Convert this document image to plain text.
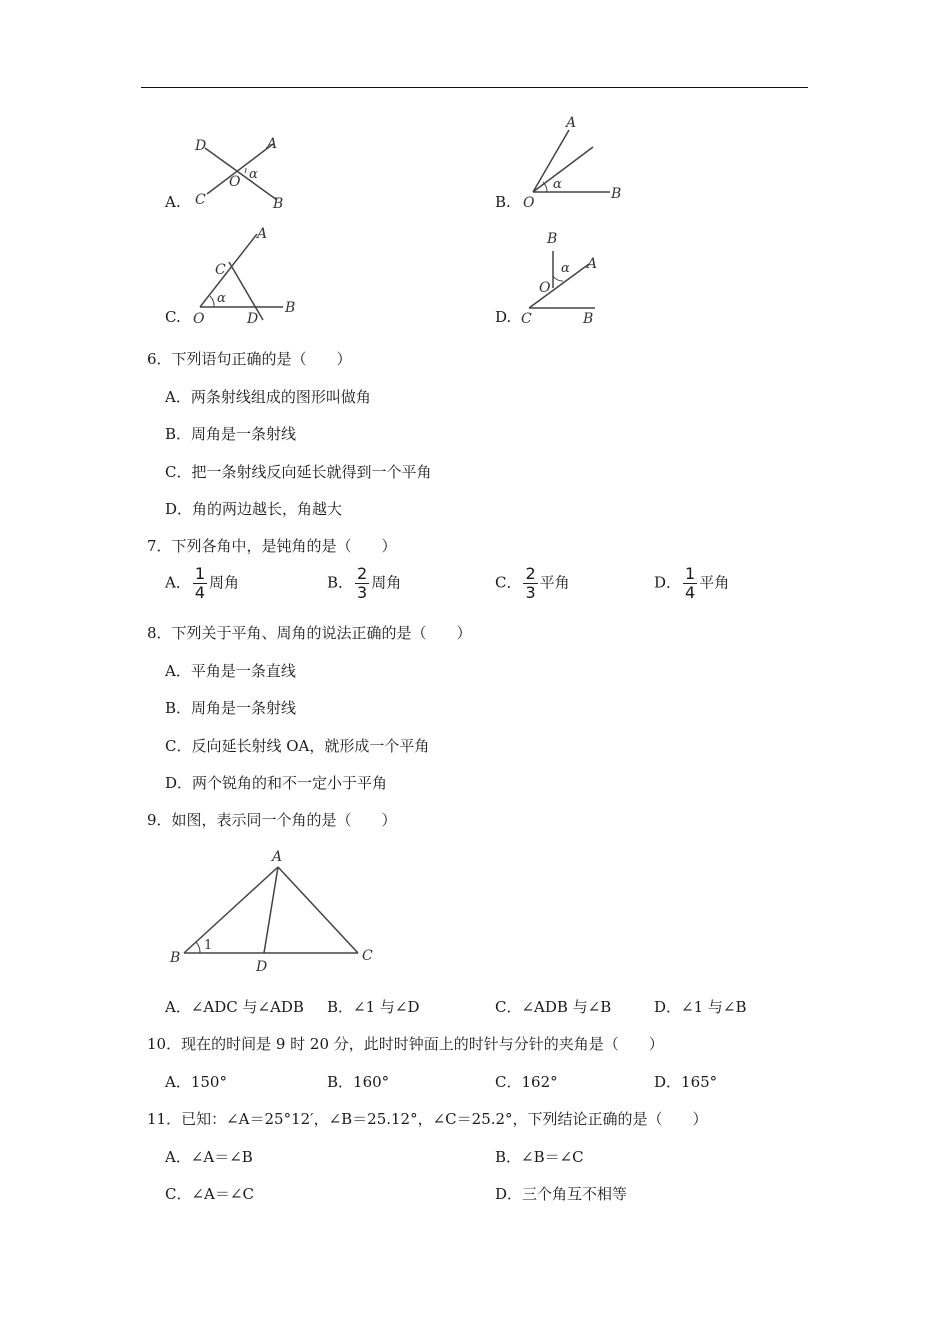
A.
D	A
O α
C	B	B.
A
α
O
B
C.
A
C
α
O	D
B	D.
B
α A
O
C	B
6．下列语句正确的是（　　）
A．两条射线组成的图形叫做角
B．周角是一条射线
C．把一条射线反向延长就得到一个平角
D．角的两边越长，角越大
7．下列各角中，是钝角的是（　　）
A． $\frac{1}{4}$ 周角	B． $\frac{2}{3}$ 周角	C． $\frac{2}{3}$ 平角	D． $\frac{1}{4}$ 平角
8．下列关于平角、周角的说法正确的是（　　）
A．平角是一条直线
B．周角是一条射线
C．反向延长射线 OA，就形成一个平角
D．两个锐角的和不一定小于平角
9．如图，表示同一个角的是（　　）
A
1
B
D
C
A．∠ADC 与∠ADB B．∠1 与∠D	C．∠ADB 与∠B	D．∠1 与∠B
10．现在的时间是 9 时 20 分，此时时钟面上的时针与分针的夹角是（　　）
A．150°	B．160°	C．162°	D．165°
11．已知：∠A＝25°12′，∠B＝25.12°，∠C＝25.2°，下列结论正确的是（　　）
A．∠A＝∠B	B．∠B＝∠C
C．∠A＝∠C	D．三个角互不相等
